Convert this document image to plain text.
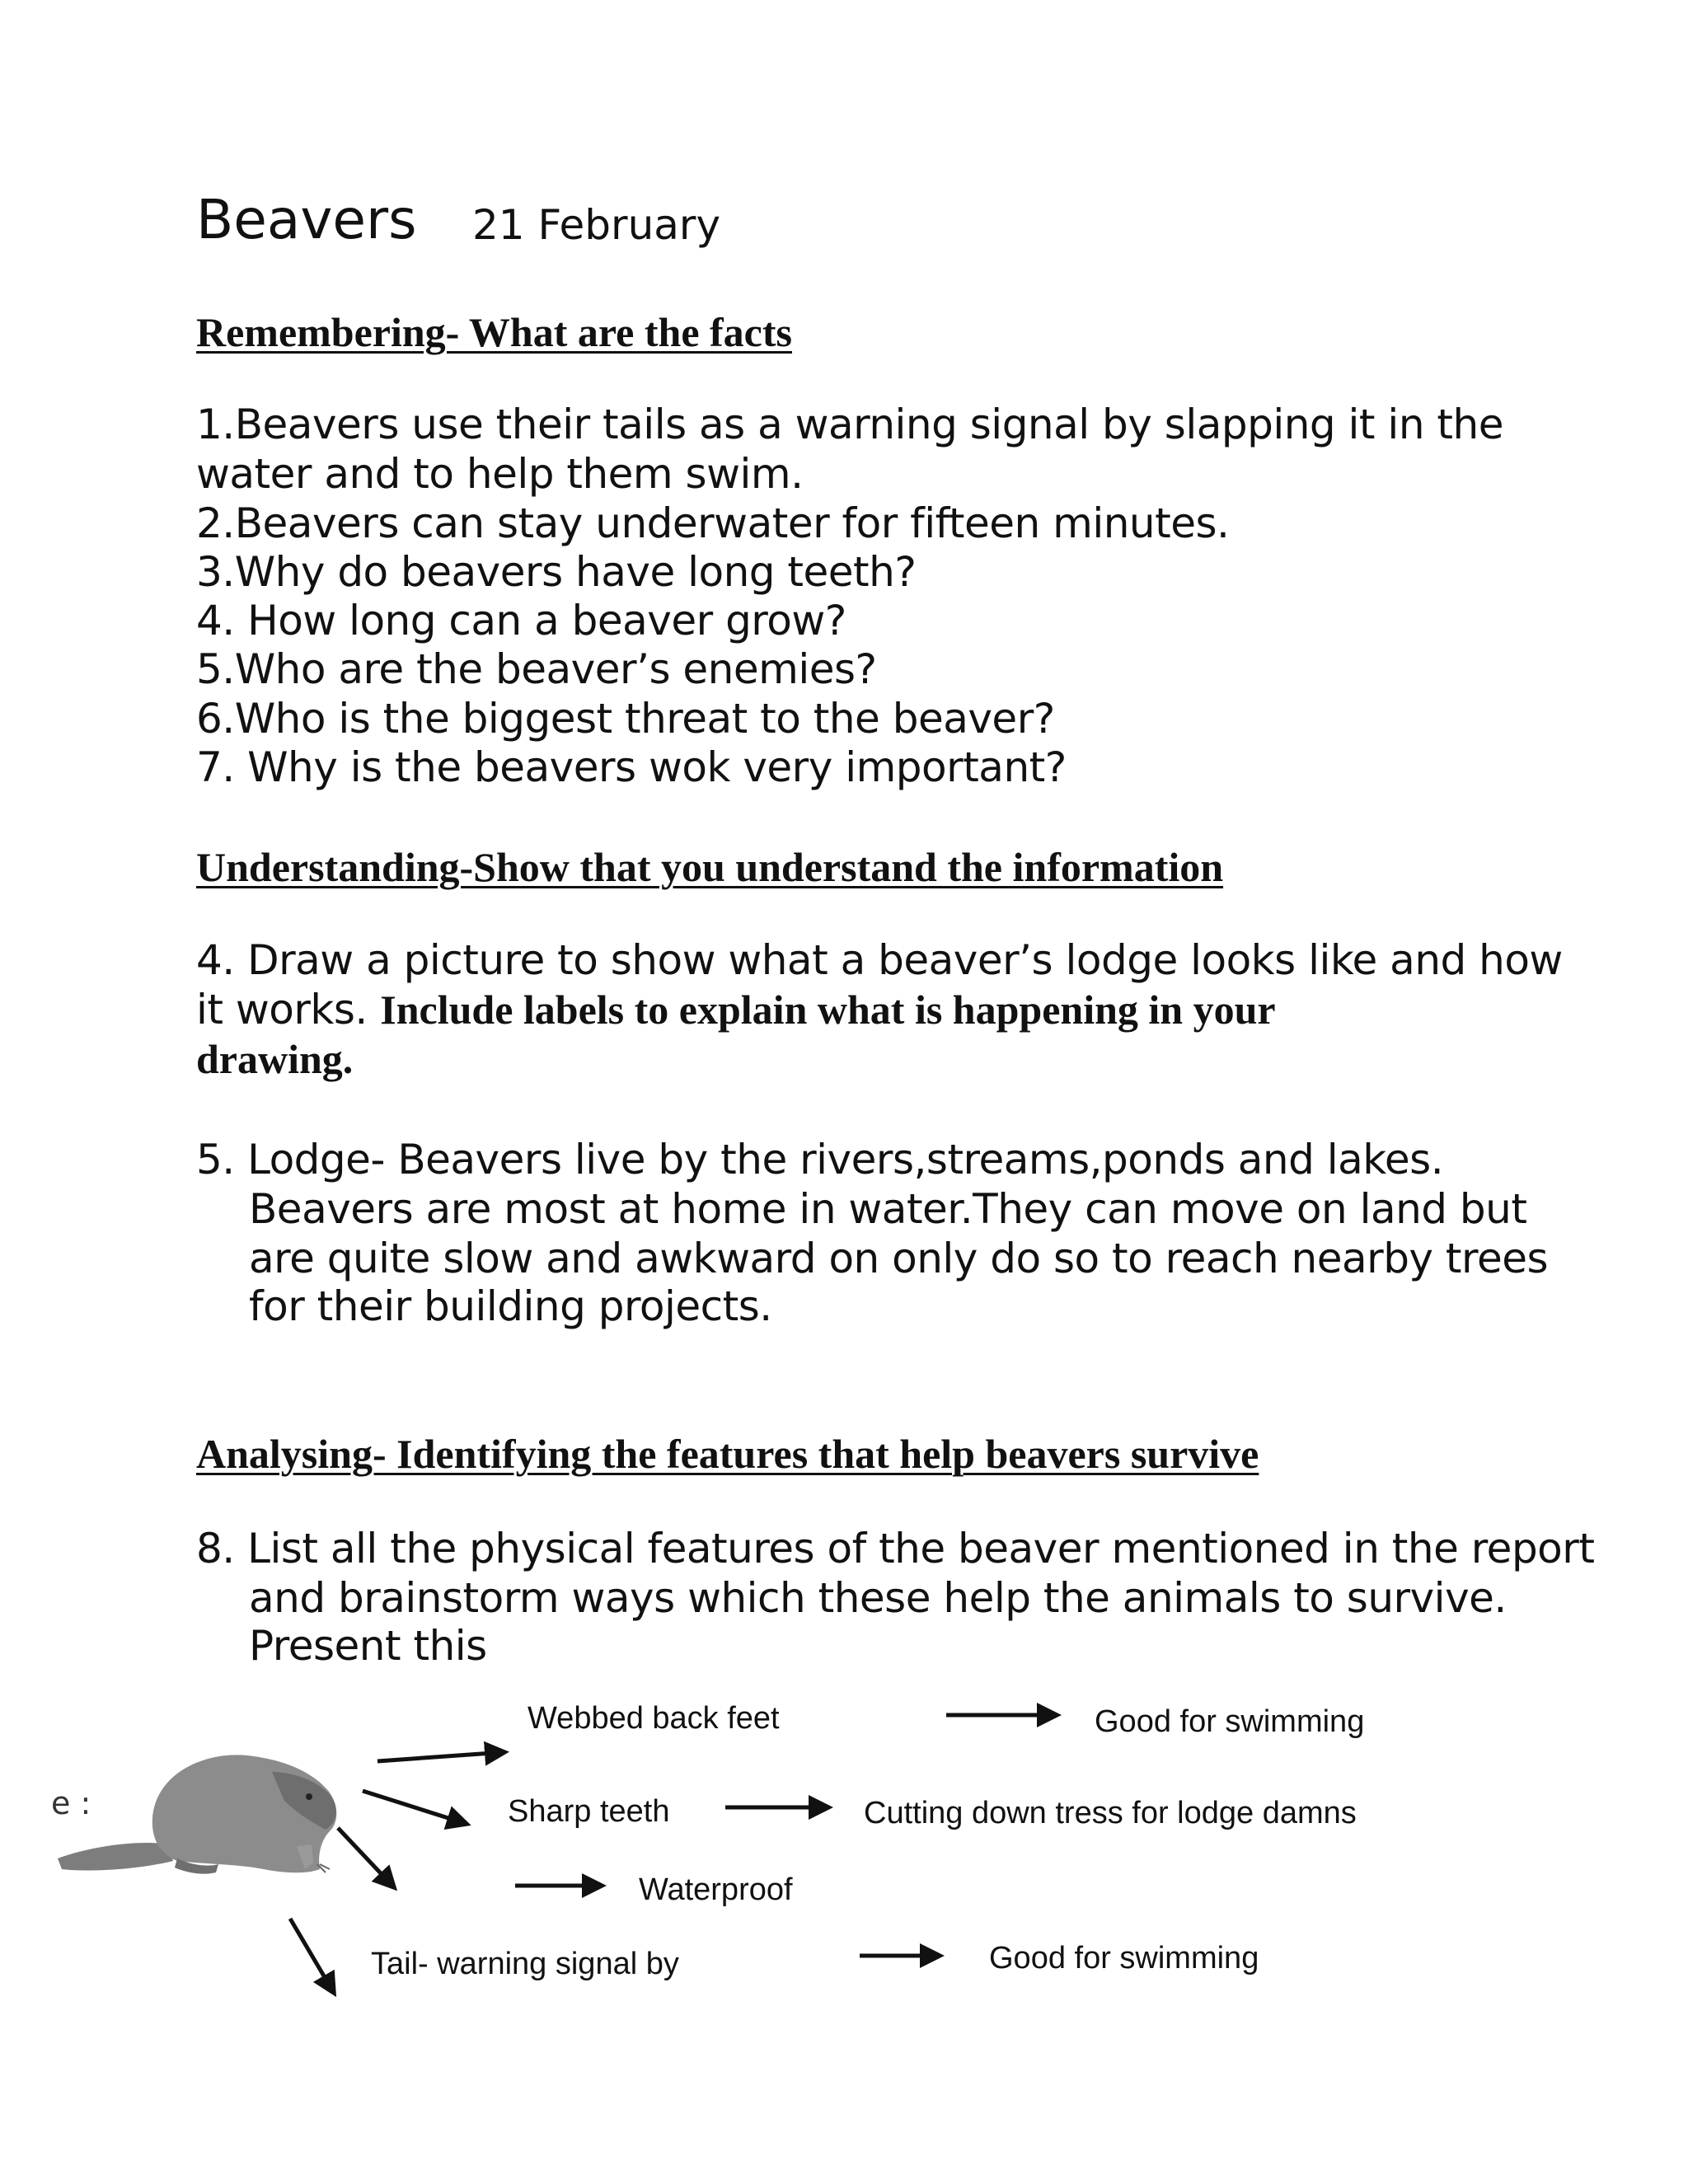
Beavers 21 February
Remembering- What are the facts
1.Beavers use their tails as a warning signal by slapping it in the
water and to help them swim.
2.Beavers can stay underwater for fifteen minutes.
3.Why do beavers have long teeth?
4. How long can a beaver grow?
5.Who are the beaver’s enemies?
6.Who is the biggest threat to the beaver?
7. Why is the beavers wok very important?
Understanding-Show that you understand the information
4. Draw a picture to show what a beaver’s lodge looks like and how
it works. Include labels to explain what is happening in your
drawing.
5. Lodge- Beavers live by the rivers,streams,ponds and lakes.
Beavers are most at home in water.They can move on land but
are quite slow and awkward on only do so to reach nearby trees
for their building projects.
Analysing- Identifying the features that help beavers survive
8. List all the physical features of the beaver mentioned in the report
and brainstorm ways which these help the animals to survive.
Present this
e :
Webbed back feet	Good for swimming
Sharp teeth	Cutting down tress for lodge damns
Waterproof
Tail- warning signal by	Good for swimming
